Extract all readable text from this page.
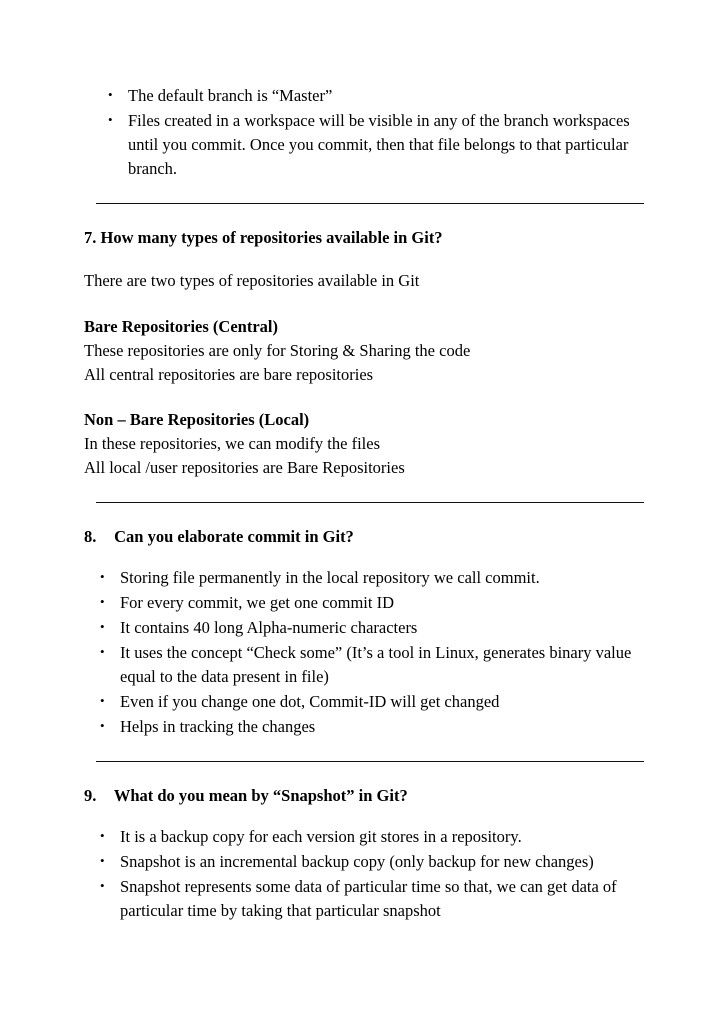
• The default branch is “Master”
• Files created in a workspace will be visible in any of the branch workspaces until you commit. Once you commit, then that file belongs to that particular branch.
7. How many types of repositories available in Git?

There are two types of repositories available in Git

Bare Repositories (Central)

These repositories are only for Storing & Sharing the code

All central repositories are bare repositories

Non – Bare Repositories (Local)

In these repositories, we can modify the files

All local /user repositories are Bare Repositories

8. Can you elaborate commit in Git?
• Storing file permanently in the local repository we call commit.
• For every commit, we get one commit ID
• It contains 40 long Alpha-numeric characters
• It uses the concept “Check some” (It’s a tool in Linux, generates binary value equal to the data present in file)
• Even if you change one dot, Commit-ID will get changed
• Helps in tracking the changes
9. What do you mean by “Snapshot” in Git?
• It is a backup copy for each version git stores in a repository.
• Snapshot is an incremental backup copy (only backup for new changes)
• Snapshot represents some data of particular time so that, we can get data of particular time by taking that particular snapshot
